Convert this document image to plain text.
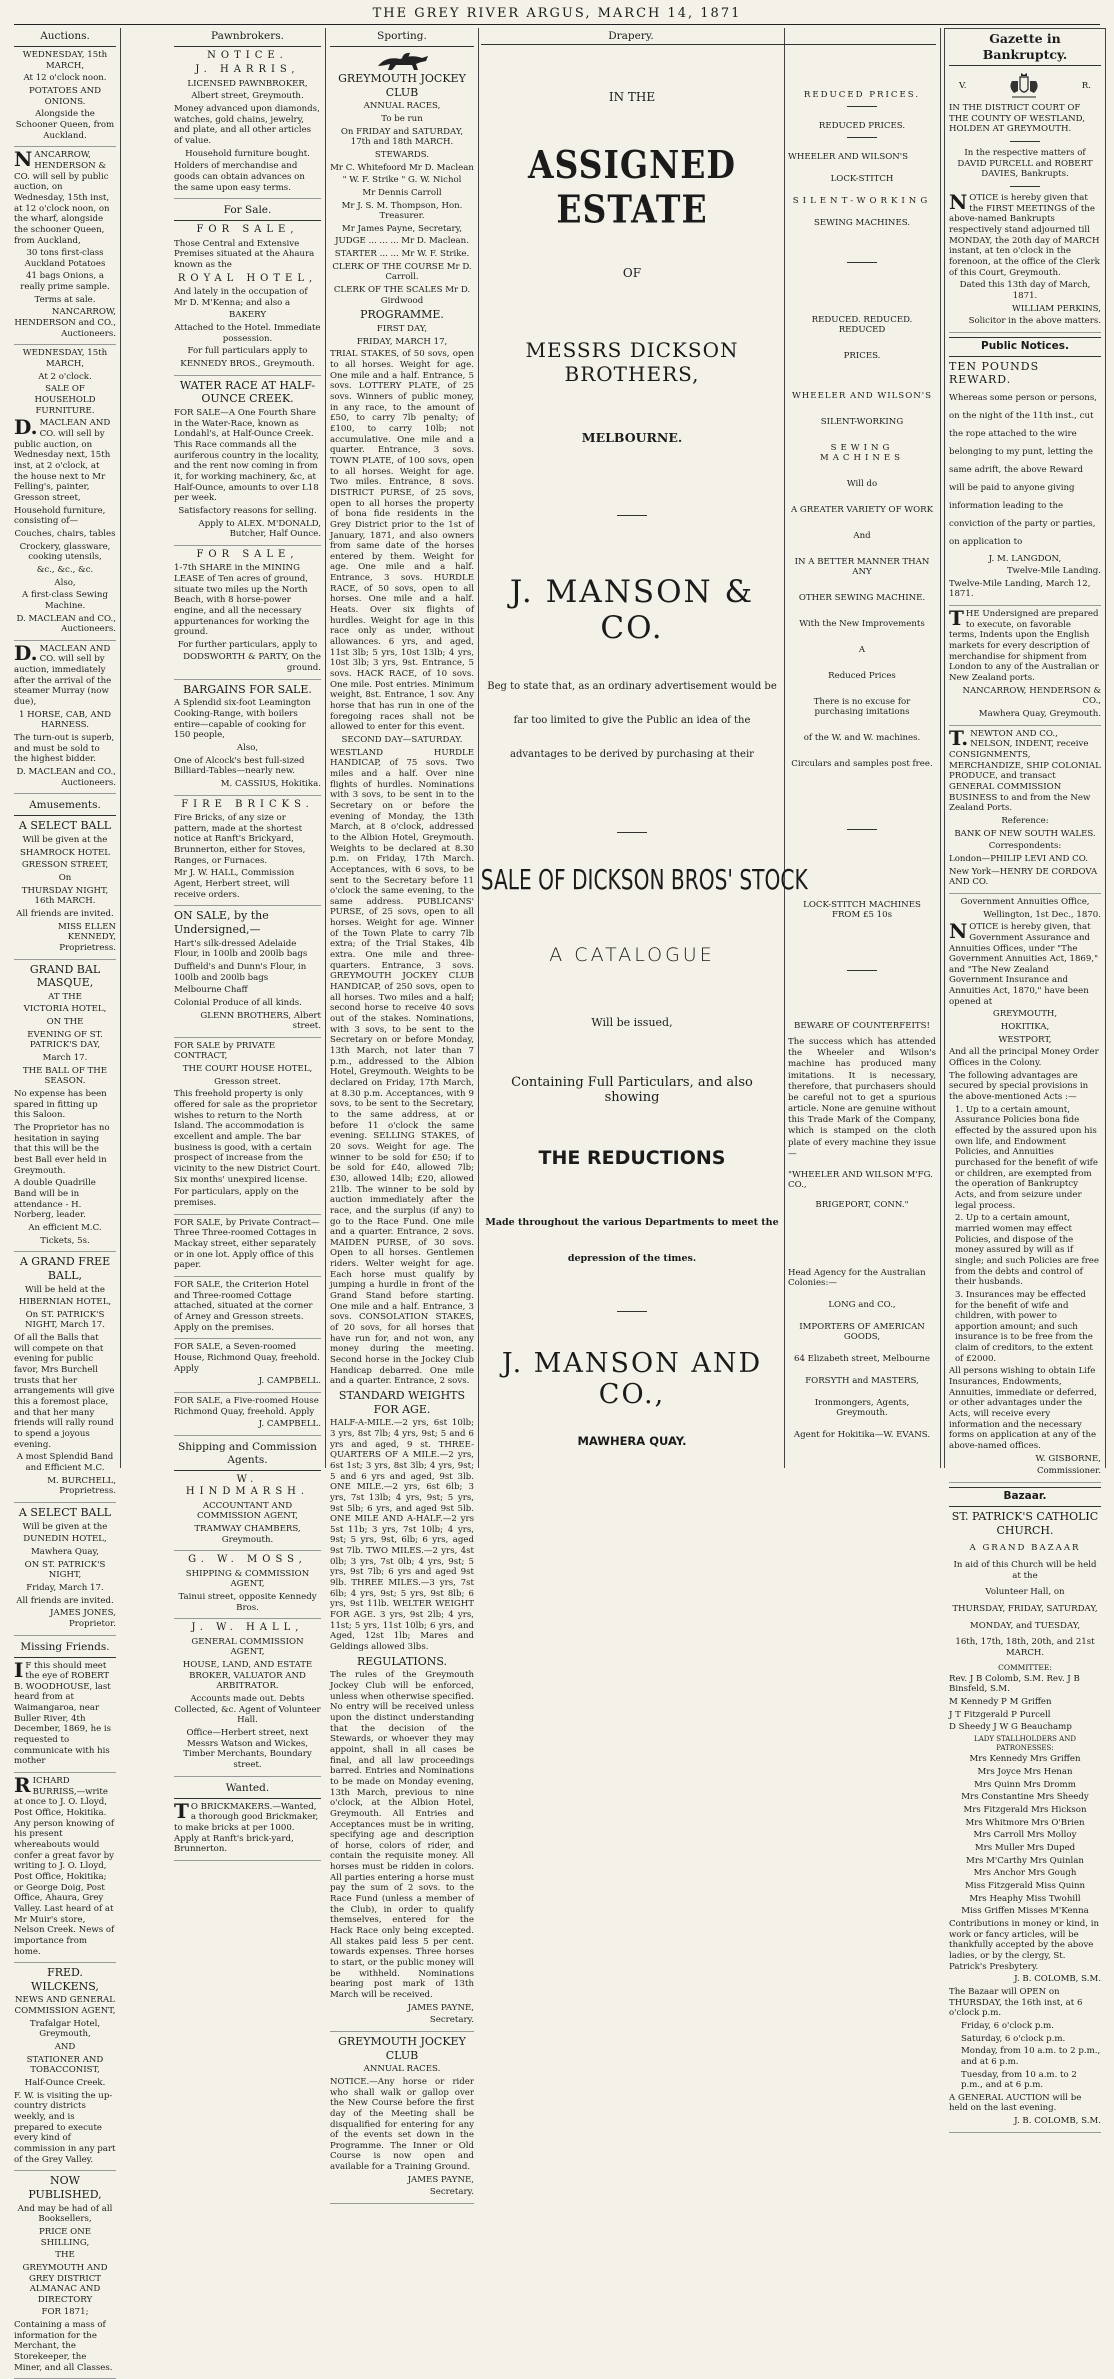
THE GREY RIVER ARGUS, MARCH 14, 1871
Auctions.

WEDNESDAY, 15th MARCH,

At 12 o'clock noon.

POTATOES AND ONIONS.

Alongside the Schooner Queen, from Auckland.

NANCARROW, HENDERSON & CO. will sell by public auction, on Wednesday, 15th inst, at 12 o'clock noon, on the wharf, alongside the schooner Queen, from Auckland,

30 tons first-class Auckland Potatoes

41 bags Onions, a really prime sample.

Terms at sale.

NANCARROW, HENDERSON and CO., Auctioneers.

WEDNESDAY, 15th MARCH,

At 2 o'clock.

SALE OF HOUSEHOLD FURNITURE.

D.MACLEAN AND CO. will sell by public auction, on Wednesday next, 15th inst, at 2 o'clock, at the house next to Mr Felling's, painter, Gresson street,

Household furniture, consisting of—

Couches, chairs, tables

Crockery, glassware, cooking utensils,

&c., &c., &c.

Also,

A first-class Sewing Machine.

D. MACLEAN and CO., Auctioneers.

D.MACLEAN AND CO. will sell by auction, immediately after the arrival of the steamer Murray (now due),

1 HORSE, CAB, AND HARNESS.

The turn-out is superb, and must be sold to the highest bidder.

D. MACLEAN and CO., Auctioneers.

Amusements.

A SELECT BALL

Will be given at the

SHAMROCK HOTEL

GRESSON STREET,

On

THURSDAY NIGHT, 16th MARCH.

All friends are invited.

MISS ELLEN KENNEDY, Proprietress.

GRAND BAL MASQUE,

AT THE

VICTORIA HOTEL,

ON THE

EVENING OF ST. PATRICK'S DAY,

March 17.

THE BALL OF THE SEASON.

No expense has been spared in fitting up this Saloon.

The Proprietor has no hesitation in saying that this will be the best Ball ever held in Greymouth.

A double Quadrille Band will be in attendance - H. Norberg, leader.

An efficient M.C.

Tickets, 5s.

A GRAND FREE BALL,

Will be held at the

HIBERNIAN HOTEL,

On ST. PATRICK'S NIGHT, March 17.

Of all the Balls that will compete on that evening for public favor, Mrs Burchell trusts that her arrangements will give this a foremost place, and that her many friends will rally round to spend a joyous evening.

A most Splendid Band and Efficient M.C.

M. BURCHELL, Proprietress.

A SELECT BALL

Will be given at the

DUNEDIN HOTEL,

Mawhera Quay,

ON ST. PATRICK'S NIGHT,

Friday, March 17.

All friends are invited.

JAMES JONES, Proprietor.

Missing Friends.

IF this should meet the eye of ROBERT B. WOODHOUSE, last heard from at Waimangaroa, near Buller River, 4th December, 1869, he is requested to communicate with his mother

RICHARD BURRISS,—write at once to J. O. Lloyd, Post Office, Hokitika. Any person knowing of his present whereabouts would confer a great favor by writing to J. O. Lloyd, Post Office, Hokitika; or George Doig, Post Office, Ahaura, Grey Valley. Last heard of at Mr Muir's store, Nelson Creek. News of importance from home.

FRED. WILCKENS,

NEWS AND GENERAL COMMISSION AGENT,

Trafalgar Hotel, Greymouth,

AND

STATIONER AND TOBACCONIST,

Half-Ounce Creek.

F. W. is visiting the up-country districts weekly, and is prepared to execute every kind of commission in any part of the Grey Valley.

NOW PUBLISHED,

And may be had of all Booksellers,

PRICE ONE SHILLING,

THE

GREYMOUTH AND GREY DISTRICT ALMANAC AND DIRECTORY

FOR 1871;

Containing a mass of information for the Merchant, the Storekeeper, the Miner, and all Classes.

Pawnbrokers.

NOTICE.

J. HARRIS,

LICENSED PAWNBROKER,

Albert street, Greymouth.

Money advanced upon diamonds, watches, gold chains, jewelry, and plate, and all other articles of value.

Household furniture bought.

Holders of merchandise and goods can obtain advances on the same upon easy terms.

For Sale.

FOR SALE,

Those Central and Extensive Premises situated at the Ahaura known as the

ROYAL HOTEL,

And lately in the occupation of Mr D. M'Kenna; and also a

BAKERY

Attached to the Hotel. Immediate possession.

For full particulars apply to

KENNEDY BROS., Greymouth.

WATER RACE AT HALF-OUNCE CREEK.

FOR SALE—A One Fourth Share in the Water-Race, known as Londahl's, at Half-Ounce Creek. This Race commands all the auriferous country in the locality, and the rent now coming in from it, for working machinery, &c, at Half-Ounce, amounts to over L18 per week.

Satisfactory reasons for selling.

Apply to ALEX. M'DONALD, Butcher, Half Ounce.

FOR SALE,

1-7th SHARE in the MINING LEASE of Ten acres of ground, situate two miles up the North Beach, with 8 horse-power engine, and all the necessary appurtenances for working the ground.

For further particulars, apply to

DODSWORTH & PARTY, On the ground.

BARGAINS FOR SALE.

A Splendid six-foot Leamington Cooking-Range, with boilers entire—capable of cooking for 150 people,

Also,

One of Alcock's best full-sized Billiard-Tables—nearly new.

M. CASSIUS, Hokitika.

FIRE BRICKS.

Fire Bricks, of any size or pattern, made at the shortest notice at Ranft's Brickyard, Brunnerton, either for Stoves, Ranges, or Furnaces.

Mr J. W. HALL, Commission Agent, Herbert street, will receive orders.

ON SALE, by the Undersigned,—

Hart's silk-dressed Adelaide Flour, in 100lb and 200lb bags

Duffield's and Dunn's Flour, in 100lb and 200lb bags

Melbourne Chaff

Colonial Produce of all kinds.

GLENN BROTHERS, Albert street.

FOR SALE by PRIVATE CONTRACT,

THE COURT HOUSE HOTEL,

Gresson street.

This freehold property is only offered for sale as the proprietor wishes to return to the North Island. The accommodation is excellent and ample. The bar business is good, with a certain prospect of increase from the vicinity to the new District Court. Six months' unexpired license.

For particulars, apply on the premises.

FOR SALE, by Private Contract—Three Three-roomed Cottages in Mackay street, either separately or in one lot. Apply office of this paper.

FOR SALE, the Criterion Hotel and Three-roomed Cottage attached, situated at the corner of Arney and Gresson streets. Apply on the premises.

FOR SALE, a Seven-roomed House, Richmond Quay, freehold. Apply

J. CAMPBELL.

FOR SALE, a Five-roomed House Richmond Quay, freehold. Apply

J. CAMPBELL.

Shipping and Commission Agents.

W. HINDMARSH.

ACCOUNTANT AND COMMISSION AGENT,

TRAMWAY CHAMBERS, Greymouth.

G. W. MOSS,

SHIPPING & COMMISSION AGENT,

Tainui street, opposite Kennedy Bros.

J. W. HALL,

GENERAL COMMISSION AGENT,

HOUSE, LAND, AND ESTATE BROKER, VALUATOR AND ARBITRATOR.

Accounts made out. Debts Collected, &c. Agent of Volunteer Hall.

Office—Herbert street, next Messrs Watson and Wickes, Timber Merchants, Boundary street.

Wanted.

TO BRICKMAKERS.—Wanted, a thorough good Brickmaker, to make bricks at per 1000. Apply at Ranft's brick-yard, Brunnerton.

Sporting.

GREYMOUTH JOCKEY CLUB

ANNUAL RACES,

To be run

On FRIDAY and SATURDAY, 17th and 18th MARCH.

STEWARDS.

Mr C. Whitefoord Mr D. Maclean

" W. F. Strike " G. W. Nichol

Mr Dennis Carroll

Mr J. S. M. Thompson, Hon. Treasurer.

Mr James Payne, Secretary,

JUDGE ... ... ... Mr D. Maclean.

STARTER ... ... Mr W. F. Strike.

CLERK OF THE COURSE Mr D. Carroll.

CLERK OF THE SCALES Mr D. Girdwood

PROGRAMME.

FIRST DAY,

FRIDAY, MARCH 17,

TRIAL STAKES, of 50 sovs, open to all horses. Weight for age. One mile and a half. Entrance, 5 sovs. LOTTERY PLATE, of 25 sovs. Winners of public money, in any race, to the amount of £50, to carry 7lb penalty; of £100, to carry 10lb; not accumulative. One mile and a quarter. Entrance, 3 sovs. TOWN PLATE, of 100 sovs, open to all horses. Weight for age. Two miles. Entrance, 8 sovs. DISTRICT PURSE, of 25 sovs, open to all horses the property of bona fide residents in the Grey District prior to the 1st of January, 1871, and also owners from same date of the horses entered by them. Weight for age. One mile and a half. Entrance, 3 sovs. HURDLE RACE, of 50 sovs, open to all horses. One mile and a half. Heats. Over six flights of hurdles. Weight for age in this race only as under, without allowances. 6 yrs, and aged, 11st 3lb; 5 yrs, 10st 13lb; 4 yrs, 10st 3lb; 3 yrs, 9st. Entrance, 5 sovs. HACK RACE, of 10 sovs. One mile. Post entries. Minimum weight, 8st. Entrance, 1 sov. Any horse that has run in one of the foregoing races shall not be allowed to enter for this event.

SECOND DAY—SATURDAY.

WESTLAND HURDLE HANDICAP, of 75 sovs. Two miles and a half. Over nine flights of hurdles. Nominations with 3 sovs, to be sent in to the Secretary on or before the evening of Monday, the 13th March, at 8 o'clock, addressed to the Albion Hotel, Greymouth. Weights to be declared at 8.30 p.m. on Friday, 17th March. Acceptances, with 6 sovs, to be sent to the Secretary before 11 o'clock the same evening, to the same address. PUBLICANS' PURSE, of 25 sovs, open to all horses. Weight for age. Winner of the Town Plate to carry 7lb extra; of the Trial Stakes, 4lb extra. One mile and three-quarters. Entrance, 3 sovs. GREYMOUTH JOCKEY CLUB HANDICAP, of 250 sovs, open to all horses. Two miles and a half; second horse to receive 40 sovs out of the stakes. Nominations, with 3 sovs, to be sent to the Secretary on or before Monday, 13th March, not later than 7 p.m., addressed to the Albion Hotel, Greymouth. Weights to be declared on Friday, 17th March, at 8.30 p.m. Acceptances, with 9 sovs, to be sent to the Secretary, to the same address, at or before 11 o'clock the same evening. SELLING STAKES, of 20 sovs. Weight for age. The winner to be sold for £50; if to be sold for £40, allowed 7lb; £30, allowed 14lb; £20, allowed 21lb. The winner to be sold by auction immediately after the race, and the surplus (if any) to go to the Race Fund. One mile and a quarter. Entrance, 2 sovs. MAIDEN PURSE, of 30 sovs. Open to all horses. Gentlemen riders. Welter weight for age. Each horse must qualify by jumping a hurdle in front of the Grand Stand before starting. One mile and a half. Entrance, 3 sovs. CONSOLATION STAKES, of 20 sovs, for all horses that have run for, and not won, any money during the meeting. Second horse in the Jockey Club Handicap debarred. One mile and a quarter. Entrance, 2 sovs.

STANDARD WEIGHTS FOR AGE.

HALF-A-MILE.—2 yrs, 6st 10lb; 3 yrs, 8st 7lb; 4 yrs, 9st; 5 and 6 yrs and aged, 9 st. THREE-QUARTERS OF A MILE.—2 yrs, 6st 1st; 3 yrs, 8st 3lb; 4 yrs, 9st; 5 and 6 yrs and aged, 9st 3lb. ONE MILE.—2 yrs, 6st 6lb; 3 yrs, 7st 13lb; 4 yrs, 9st; 5 yrs, 9st 5lb; 6 yrs, and aged 9st 5lb. ONE MILE AND A-HALF.—2 yrs 5st 11b; 3 yrs, 7st 10lb; 4 yrs, 9st; 5 yrs, 9st, 6lb; 6 yrs, aged 9st 7lb. TWO MILES.—2 yrs, 4st 0lb; 3 yrs, 7st 0lb; 4 yrs, 9st; 5 yrs, 9st 7lb; 6 yrs and aged 9st 9lb. THREE MILES.—3 yrs, 7st 6lb; 4 yrs, 9st; 5 yrs, 9st 8lb; 6 yrs, 9st 11lb. WELTER WEIGHT FOR AGE. 3 yrs, 9st 2lb; 4 yrs, 11st; 5 yrs, 11st 10lb; 6 yrs, and Aged, 12st 1lb; Mares and Geldings allowed 3lbs.

REGULATIONS.

The rules of the Greymouth Jockey Club will be enforced, unless when otherwise specified. No entry will be received unless upon the distinct understanding that the decision of the Stewards, or whoever they may appoint, shall in all cases be final, and all law proceedings barred. Entries and Nominations to be made on Monday evening, 13th March, previous to nine o'clock, at the Albion Hotel, Greymouth. All Entries and Acceptances must be in writing, specifying age and description of horse, colors of rider, and contain the requisite money. All horses must be ridden in colors. All parties entering a horse must pay the sum of 2 sovs. to the Race Fund (unless a member of the Club), in order to qualify themselves, entered for the Hack Race only being excepted. All stakes paid less 5 per cent. towards expenses. Three horses to start, or the public money will be withheld. Nominations bearing post mark of 13th March will be received.

JAMES PAYNE,

Secretary.

GREYMOUTH JOCKEY CLUB

ANNUAL RACES.

NOTICE.—Any horse or rider who shall walk or gallop over the New Course before the first day of the Meeting shall be disqualified for entering for any of the events set down in the Programme. The Inner or Old Course is now open and available for a Training Ground.

JAMES PAYNE,

Secretary.

Drapery.
IN THE
ASSIGNED ESTATE
OF
MESSRS DICKSON BROTHERS,
MELBOURNE.
J. MANSON & CO.
Beg to state that, as an ordinary advertisement would be far too limited to give the Public an idea of the advantages to be derived by purchasing at their
SALE OF DICKSON BROS' STOCK
A CATALOGUE
Will be issued,
Containing Full Particulars, and also showing
THE REDUCTIONS
Made throughout the various Departments to meet the depression of the times.
J. MANSON AND CO.,
MAWHERA QUAY.
REDUCED PRICES.
REDUCED PRICES.
WHEELER AND WILSON'S
LOCK-STITCH
SILENT-WORKING
SEWING MACHINES.
REDUCED. REDUCED. REDUCED
PRICES.
WHEELER AND WILSON'S
SILENT-WORKING
SEWING MACHINES
Will do
A GREATER VARIETY OF WORK
And
IN A BETTER MANNER THAN ANY
OTHER SEWING MACHINE.
With the New Improvements
A
Reduced Prices
There is no excuse for purchasing imitations
of the W. and W. machines.
Circulars and samples post free.
LOCK-STITCH MACHINES FROM £5 10s
BEWARE OF COUNTERFEITS!
The success which has attended the Wheeler and Wilson's machine has produced many imitations. It is necessary, therefore, that purchasers should be careful not to get a spurious article. None are genuine without this Trade Mark of the Company, which is stamped on the cloth plate of every machine they issue—
"WHEELER AND WILSON M'FG. CO.,
BRIGEPORT, CONN."
Head Agency for the Australian Colonies:—
LONG and CO.,
IMPORTERS OF AMERICAN GOODS,
64 Elizabeth street, Melbourne
FORSYTH and MASTERS,
Ironmongers, Agents, Greymouth.
Agent for Hokitika—W. EVANS.
Gazette in Bankruptcy.
V.	R.

IN THE DISTRICT COURT OF THE COUNTY OF WESTLAND, HOLDEN AT GREYMOUTH.

In the respective matters of DAVID PURCELL and ROBERT DAVIES, Bankrupts.

NOTICE is hereby given that the FIRST MEETINGS of the above-named Bankrupts respectively stand adjourned till MONDAY, the 20th day of MARCH instant, at ten o'clock in the forenoon, at the office of the Clerk of this Court, Greymouth.

Dated this 13th day of March, 1871.

WILLIAM PERKINS,

Solicitor in the above matters.

Public Notices.

TEN POUNDS REWARD.

Whereas some person or persons, on the night of the 11th inst., cut the rope attached to the wire belonging to my punt, letting the same adrift, the above Reward will be paid to anyone giving information leading to the conviction of the party or parties, on application to

J. M. LANGDON,

Twelve-Mile Landing.

Twelve-Mile Landing, March 12, 1871.

THE Undersigned are prepared to execute, on favorable terms, Indents upon the English markets for every description of merchandise for shipment from London to any of the Australian or New Zealand ports.

NANCARROW, HENDERSON & CO.,

Mawhera Quay, Greymouth.

T.NEWTON AND CO., NELSON, INDENT, receive CONSIGNMENTS, MERCHANDIZE, SHIP COLONIAL PRODUCE, and transact GENERAL COMMISSION BUSINESS to and from the New Zealand Ports.

Reference:

BANK OF NEW SOUTH WALES.

Correspondents:

London—PHILIP LEVI AND CO.

New York—HENRY DE CORDOVA AND CO.

Government Annuities Office,

Wellington, 1st Dec., 1870.

NOTICE is hereby given, that Government Assurance and Annuities Offices, under "The Government Annuities Act, 1869," and "The New Zealand Government Insurance and Annuities Act, 1870," have been opened at

GREYMOUTH,

HOKITIKA,

WESTPORT,

And all the principal Money Order Offices in the Colony.

The following advantages are secured by special provisions in the above-mentioned Acts :—

1. Up to a certain amount, Assurance Policies bona fide effected by the assured upon his own life, and Endowment Policies, and Annuities purchased for the benefit of wife or children, are exempted from the operation of Bankruptcy Acts, and from seizure under legal process.

2. Up to a certain amount, married women may effect Policies, and dispose of the money assured by will as if single; and such Policies are free from the debts and control of their husbands.

3. Insurances may be effected for the benefit of wife and children, with power to apportion amount; and such insurance is to be free from the claim of creditors, to the extent of £2000.

All persons wishing to obtain Life Insurances, Endowments, Annuities, immediate or deferred, or other advantages under the Acts, will receive every information and the necessary forms on application at any of the above-named offices.

W. GISBORNE,

Commissioner.

Bazaar.

ST. PATRICK'S CATHOLIC CHURCH.

A GRAND BAZAAR

In aid of this Church will be held at the

Volunteer Hall, on

THURSDAY, FRIDAY, SATURDAY,

MONDAY, and TUESDAY,

16th, 17th, 18th, 20th, and 21st MARCH.

COMMITTEE:

Rev. J B Colomb, S.M. Rev. J B Binsfeld, S.M.

M Kennedy P M Griffen

J T Fitzgerald P Purcell

D Sheedy J W G Beauchamp

LADY STALLHOLDERS AND PATRONESSES:

Mrs Kennedy Mrs Griffen

Mrs Joyce Mrs Henan

Mrs Quinn Mrs Dromm

Mrs Constantine Mrs Sheedy

Mrs Fitzgerald Mrs Hickson

Mrs Whitmore Mrs O'Brien

Mrs Carroll Mrs Molloy

Mrs Muller Mrs Duped

Mrs M'Carthy Mrs Quinlan

Mrs Anchor Mrs Gough

Miss Fitzgerald Miss Quinn

Mrs Heaphy Miss Twohill

Miss Griffen Misses M'Kenna

Contributions in money or kind, in work or fancy articles, will be thankfully accepted by the above ladies, or by the clergy, St. Patrick's Presbytery.

J. B. COLOMB, S.M.

The Bazaar will OPEN on THURSDAY, the 16th inst, at 6 o'clock p.m.

Friday, 6 o'clock p.m.

Saturday, 6 o'clock p.m.

Monday, from 10 a.m. to 2 p.m., and at 6 p.m.

Tuesday, from 10 a.m. to 2 p.m., and at 6 p.m.

A GENERAL AUCTION will be held on the last evening.

J. B. COLOMB, S.M.
